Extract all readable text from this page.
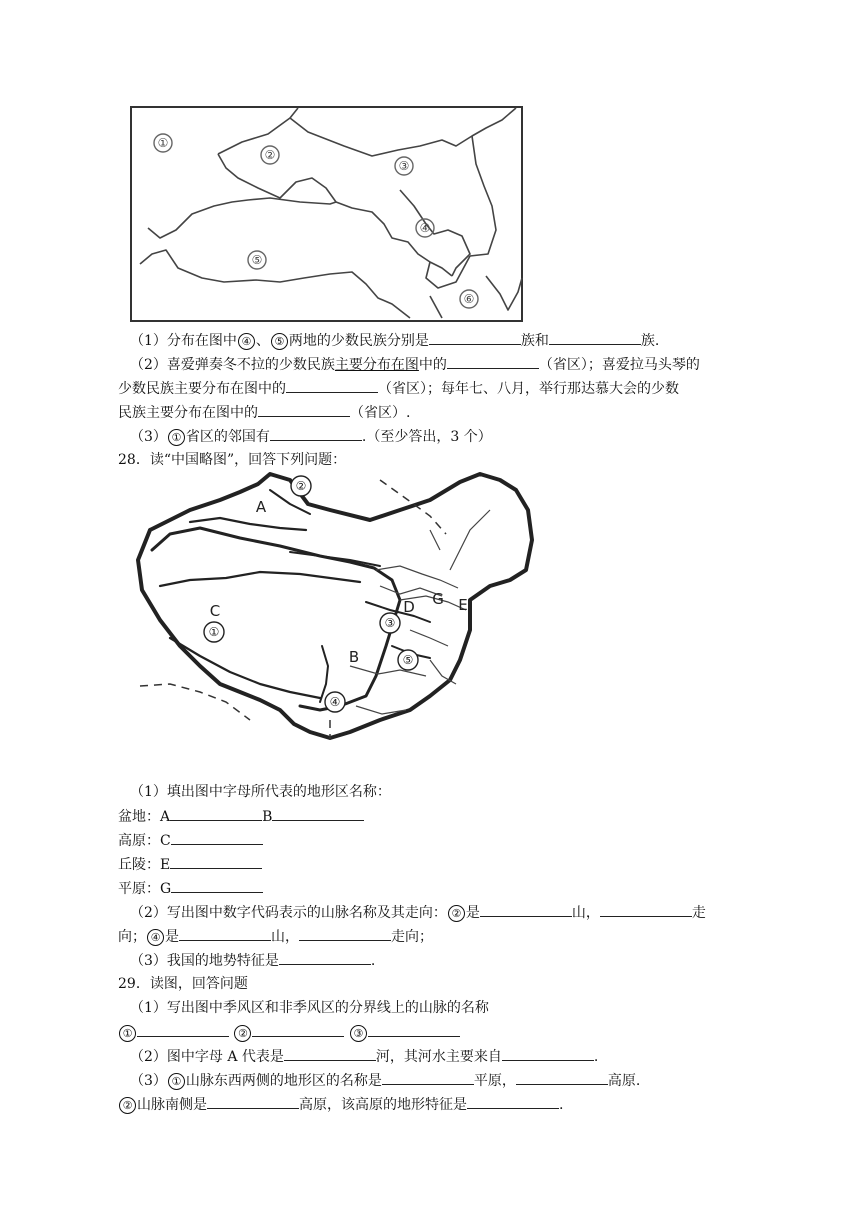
①
②
③
④
⑤
⑥
（1）分布在图中 ④ 、 ⑤ 两地的少数民族分别是	族和	族.
（2）喜爱弹奏冬不拉的少数民族主要分布在图中的	（省区）；喜爱拉马头琴的
少数民族主要分布在图中的	（省区）；每年七、八月，举行那达慕大会的少数
民族主要分布在图中的	（省区）.
（3） ① 省区的邻国有	.（至少答出，3 个）
28．读“中国略图”，回答下列问题：
A
C
B
D G E
②
①
③
④
⑤
（1）填出图中字母所代表的地形区名称：
盆地：A	B
高原：C
丘陵：E
平原：G
（2）写出图中数字代码表示的山脉名称及其走向： ② 是	山，	走
向； ④ 是	山，	走向；
（3）我国的地势特征是	.
29．读图，回答问题
（1）写出图中季风区和非季风区的分界线上的山脉的名称
①	②	③
（2）图中字母 A 代表是	河，其河水主要来自	.
（3） ① 山脉东西两侧的地形区的名称是	平原，	高原.
② 山脉南侧是	高原，该高原的地形特征是	.
